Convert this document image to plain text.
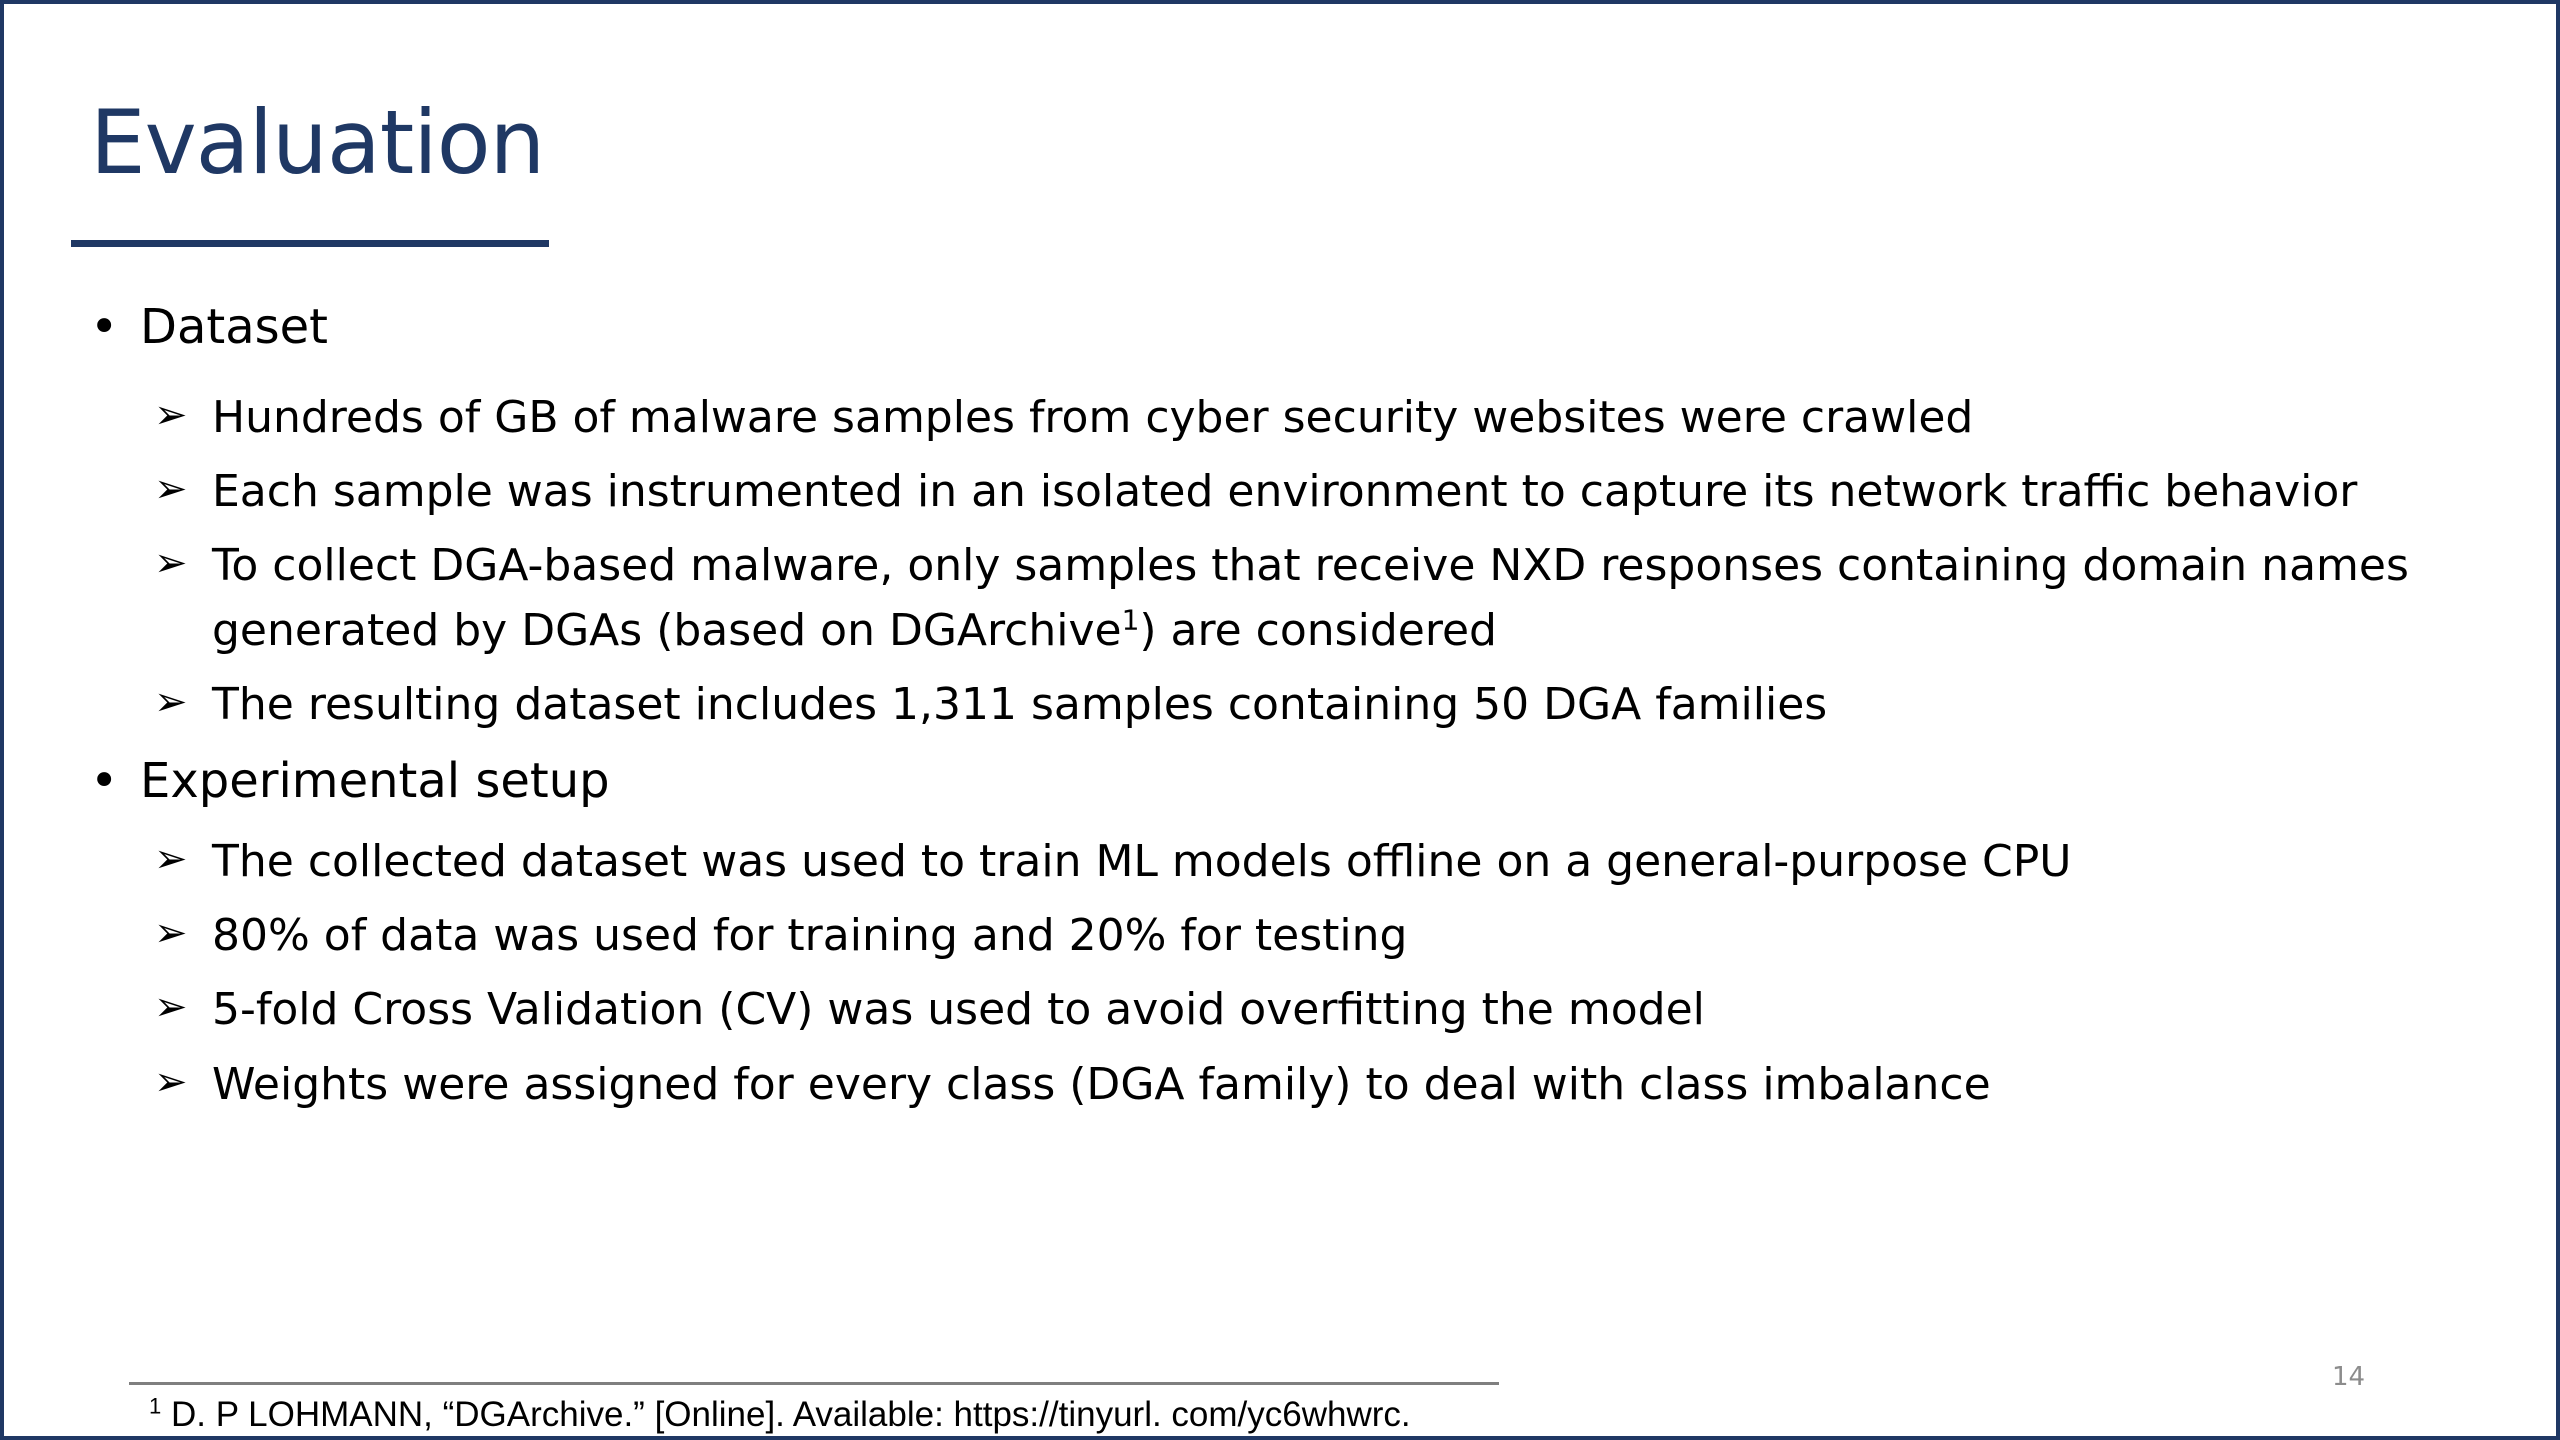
Evaluation
• Dataset
➢ Hundreds of GB of malware samples from cyber security websites were crawled
➢ Each sample was instrumented in an isolated environment to capture its network traffic behavior
➢ To collect DGA-based malware, only samples that receive NXD responses containing domain names
generated by DGAs (based on DGArchive$^1$) are considered
➢ The resulting dataset includes 1,311 samples containing 50 DGA families
• Experimental setup
➢ The collected dataset was used to train ML models offline on a general-purpose CPU
➢ 80% of data was used for training and 20% for testing
➢ 5-fold Cross Validation (CV) was used to avoid overfitting the model
➢ Weights were assigned for every class (DGA family) to deal with class imbalance
$^1$ D. P LOHMANN, “DGArchive.” [Online]. Available: https://tinyurl. com/yc6whwrc.
14
